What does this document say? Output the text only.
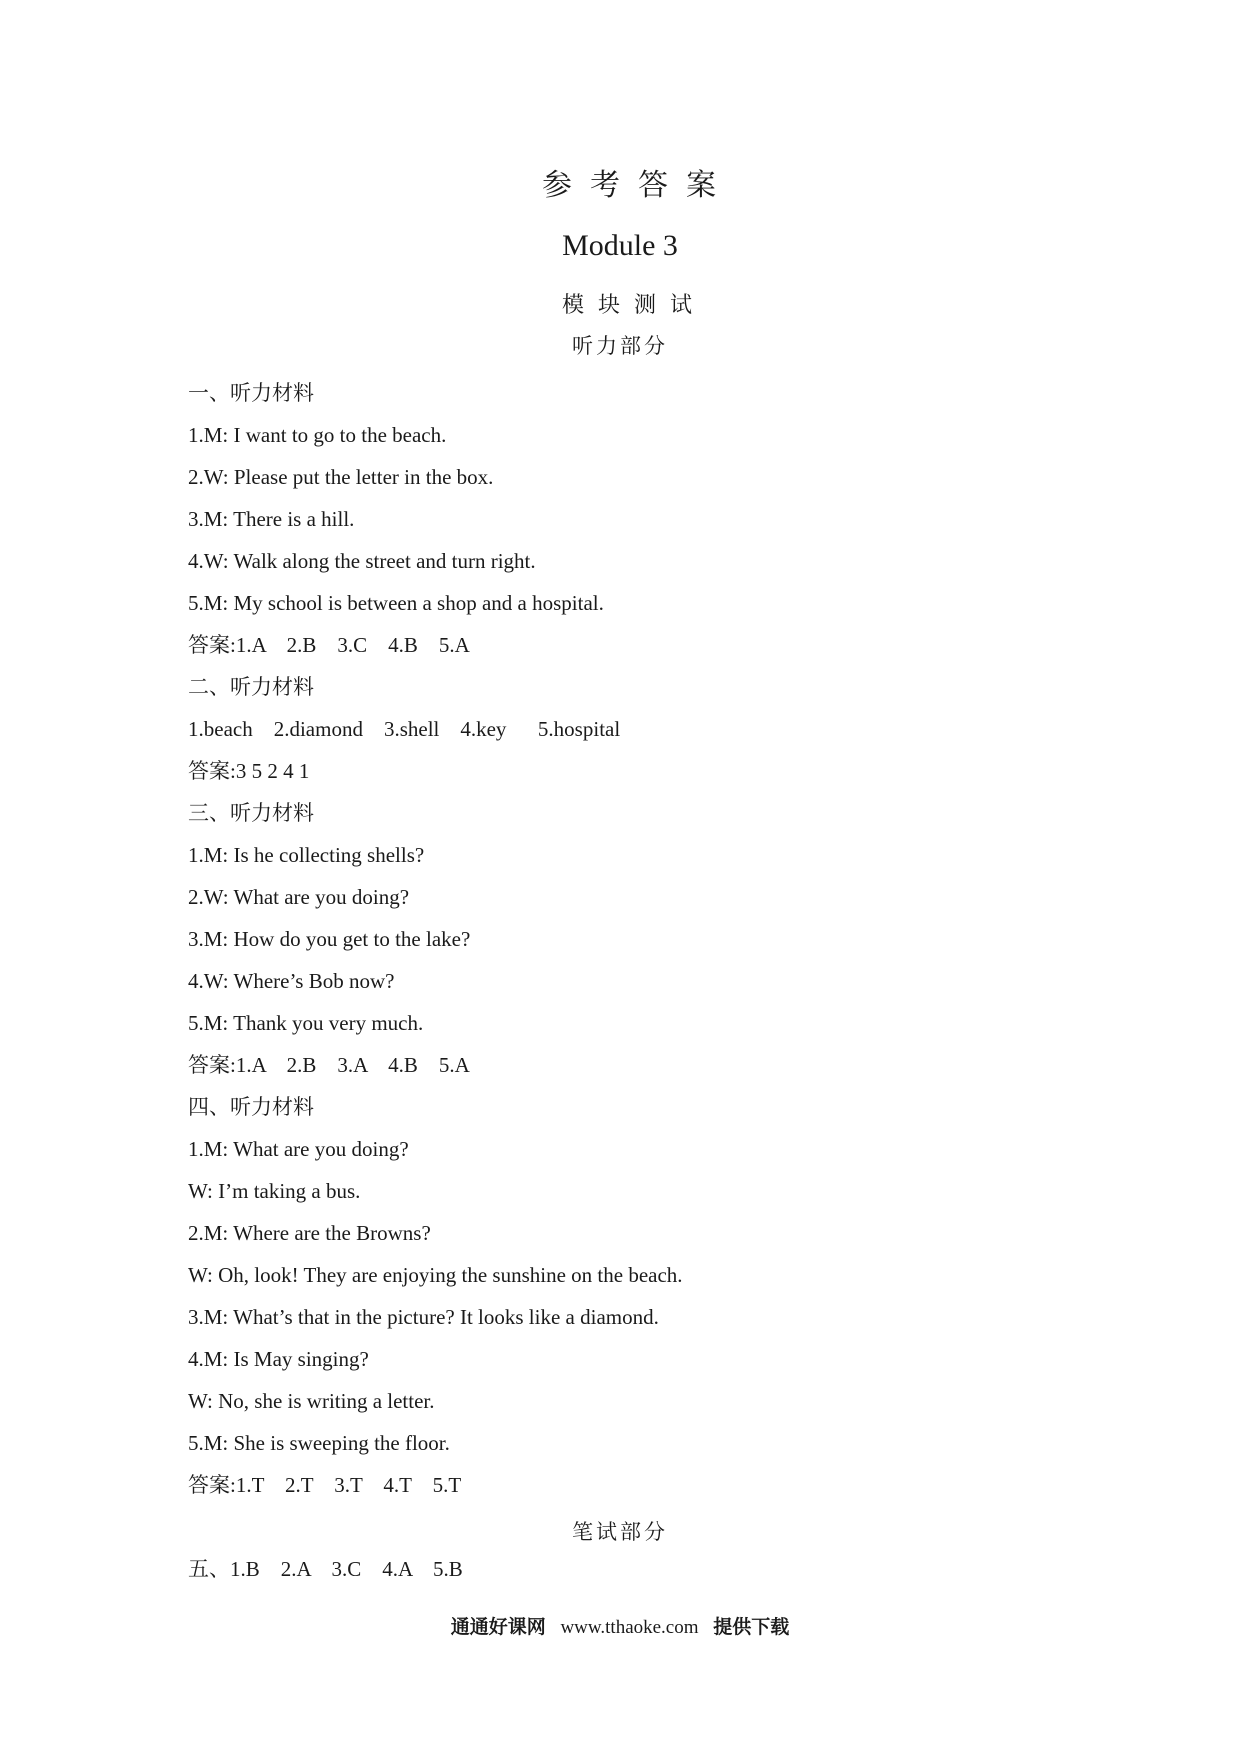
参考答案
Module 3
模块测试
听力部分
一、听力材料
1.M: I want to go to the beach.
2.W: Please put the letter in the box.
3.M: There is a hill.
4.W: Walk along the street and turn right.
5.M: My school is between a shop and a hospital.
答案:1.A    2.B    3.C    4.B    5.A
二、听力材料
1.beach    2.diamond    3.shell    4.key      5.hospital
答案:3 5 2 4 1
三、听力材料
1.M: Is he collecting shells?
2.W: What are you doing?
3.M: How do you get to the lake?
4.W: Where’s Bob now?
5.M: Thank you very much.
答案:1.A    2.B    3.A    4.B    5.A
四、听力材料
1.M: What are you doing?
W: I’m taking a bus.
2.M: Where are the Browns?
W: Oh, look! They are enjoying the sunshine on the beach.
3.M: What’s that in the picture? It looks like a diamond.
4.M: Is May singing?
W: No, she is writing a letter.
5.M: She is sweeping the floor.
答案:1.T    2.T    3.T    4.T    5.T
五、1.B    2.A    3.C    4.A    5.B
笔试部分
通通好课网 www.tthaoke.com 提供下载
